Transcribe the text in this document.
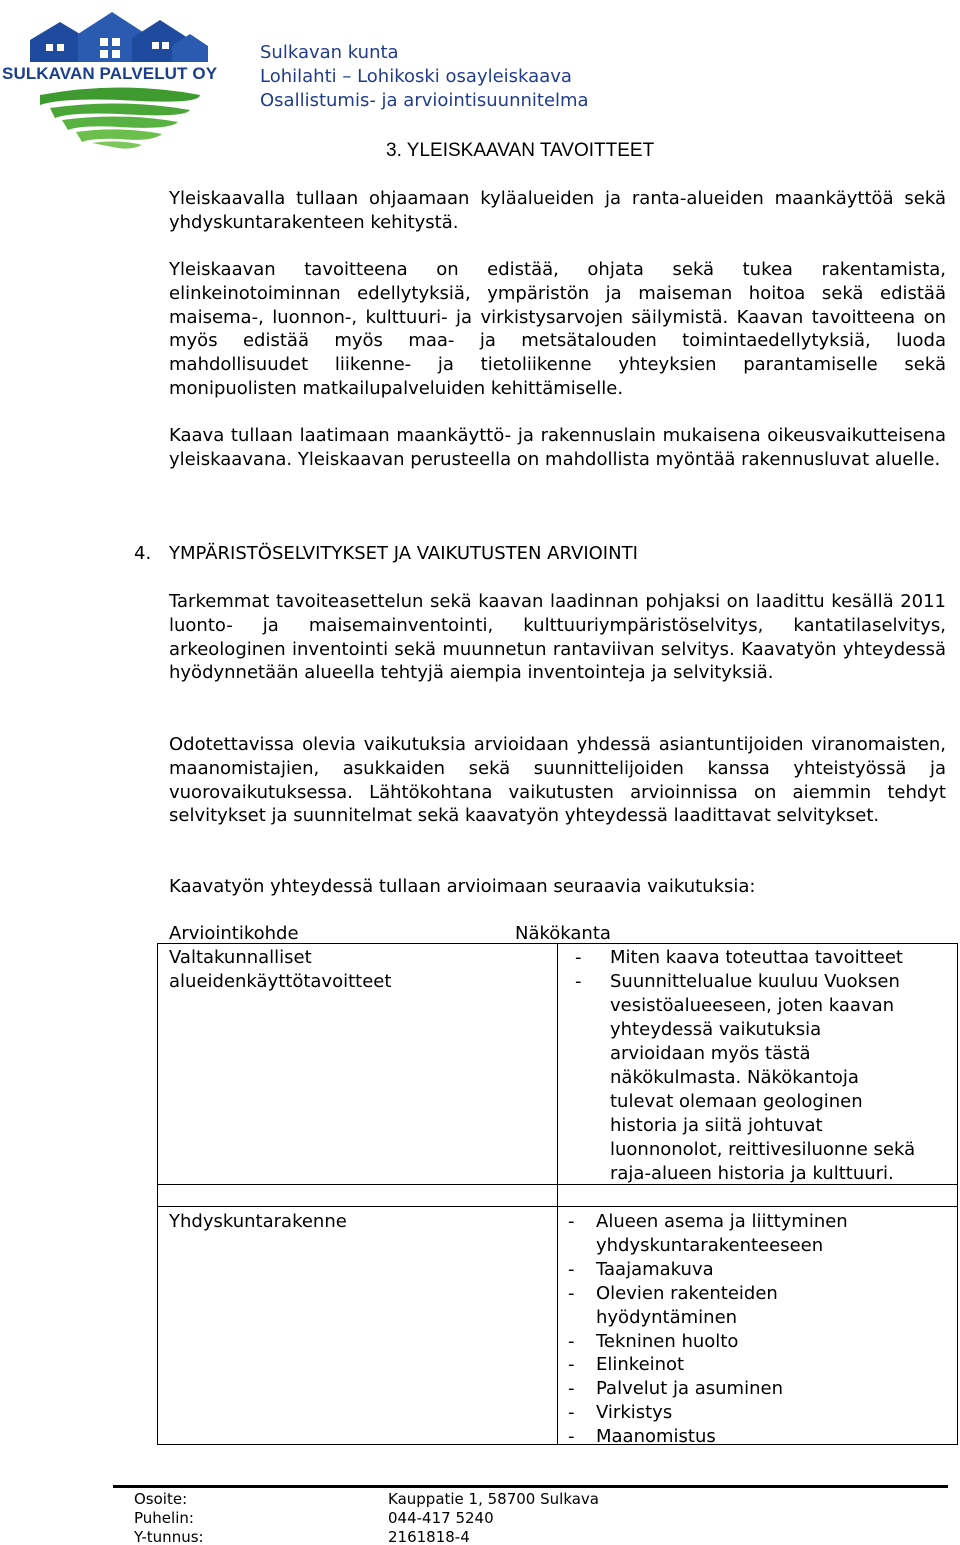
SULKAVAN PALVELUT OY
Sulkavan kunta
Lohilahti – Lohikoski osayleiskaava
Osallistumis- ja arviointisuunnitelma
3. YLEISKAAVAN TAVOITTEET
Yleiskaavalla tullaan ohjaamaan kyläalueiden ja ranta-alueiden maankäyttöä sekä yhdyskuntarakenteen kehitystä.
Yleiskaavan tavoitteena on edistää, ohjata sekä tukea rakentamista, elinkeinotoiminnan edellytyksiä, ympäristön ja maiseman hoitoa sekä edistää maisema-, luonnon-, kulttuuri- ja virkistysarvojen säilymistä. Kaavan tavoitteena on myös edistää myös maa- ja metsätalouden toimintaedellytyksiä, luoda mahdollisuudet liikenne- ja tietoliikenne yhteyksien parantamiselle sekä monipuolisten matkailupalveluiden kehittämiselle.
Kaava tullaan laatimaan maankäyttö- ja rakennuslain mukaisena oikeusvaikutteisena yleiskaavana. Yleiskaavan perusteella on mahdollista myöntää rakennusluvat aluelle.
4. YMPÄRISTÖSELVITYKSET JA VAIKUTUSTEN ARVIOINTI
Tarkemmat tavoiteasettelun sekä kaavan laadinnan pohjaksi on laadittu kesällä 2011 luonto- ja maisemainventointi, kulttuuriympäristöselvitys, kantatilaselvitys, arkeologinen inventointi sekä muunnetun rantaviivan selvitys. Kaavatyön yhteydessä hyödynnetään alueella tehtyjä aiempia inventointeja ja selvityksiä.
Odotettavissa olevia vaikutuksia arvioidaan yhdessä asiantuntijoiden viranomaisten, maanomistajien, asukkaiden sekä suunnittelijoiden kanssa yhteistyössä ja vuorovaikutuksessa. Lähtökohtana vaikutusten arvioinnissa on aiemmin tehdyt selvitykset ja suunnitelmat sekä kaavatyön yhteydessä laadittavat selvitykset.
Kaavatyön yhteydessä tullaan arvioimaan seuraavia vaikutuksia:
Arviointikohde	Näkökanta
Valtakunnalliset
alueidenkäyttötavoitteet
- Miten kaava toteuttaa tavoitteet
- Suunnittelualue kuuluu Vuoksen
vesistöalueeseen, joten kaavan
yhteydessä vaikutuksia
arvioidaan myös tästä
näkökulmasta. Näkökantoja
tulevat olemaan geologinen
historia ja siitä johtuvat
luonnonolot, reittivesiluonne sekä
raja-alueen historia ja kulttuuri.
Yhdyskuntarakenne	- Alueen asema ja liittyminen
yhdyskuntarakenteeseen
- Taajamakuva
- Olevien rakenteiden
hyödyntäminen
- Tekninen huolto
- Elinkeinot
- Palvelut ja asuminen
- Virkistys
- Maanomistus
Osoite:	Kauppatie 1, 58700 Sulkava
Puhelin:	044-417 5240
Y-tunnus:	2161818-4
